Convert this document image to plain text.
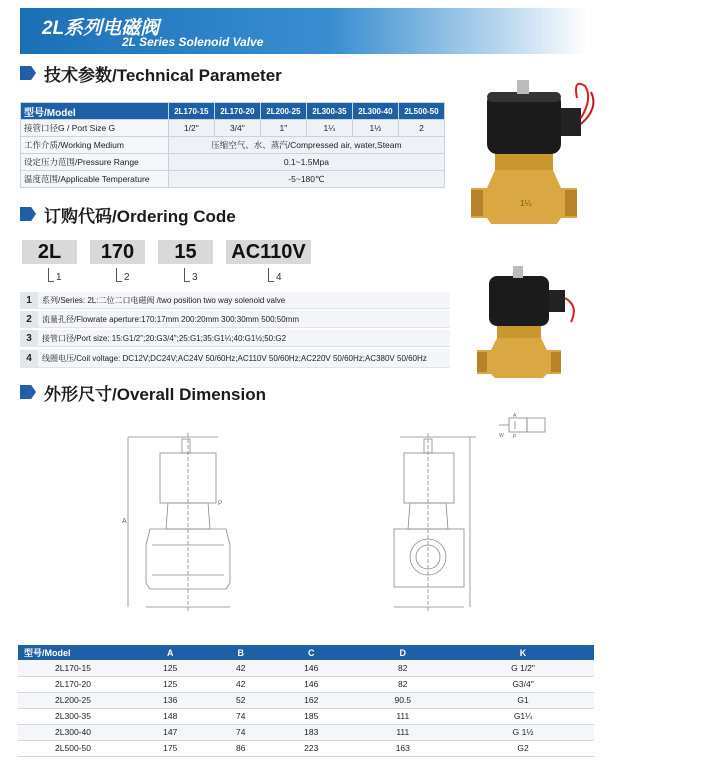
2L系列电磁阀
2L Series Solenoid Valve
技术参数/Technical Parameter
型号/Model	2L170-15	2L170-20	2L200-25	2L300-35	2L300-40	2L500-50
接管口径G / Port Size G	1/2"	3/4"	1"	1¼	1½	2
工作介质/Working Medium	压缩空气、水、蒸汽/Compressed air, water,Steam					
设定压力范围/Pressure Range	0.1~1.5Mpa					
温度范围/Applicable Temperature	-5~180℃					
1¼
订购代码/Ordering Code
2L	170	15	AC110V
1	2	3	4
1	系列/Series: 2L:二位二口电磁阀 /two position two way solenoid valve
2	流量孔径/Flowrate aperture:170:17mm 200:20mm 300:30mm 500:50mm
3	接管口径/Port size: 15:G1/2";20:G3/4";25:G1;35:G1¼;40:G1½;50:G2
4	线圈电压/Coil voltage: DC12V;DC24V;AC24V 50/60Hz;AC110V 50/60Hz;AC220V 50/60Hz;AC380V 50/60Hz
外形尺寸/Overall Dimension
A
P
A
W P
型号/Model	A	B	C	D	K
2L170-15	125	42	146	82	G 1/2"
2L170-20	125	42	146	82	G3/4"
2L200-25	136	52	162	90.5	G1
2L300-35	148	74	185	111	G1¼
2L300-40	147	74	183	111	G 1½
2L500-50	175	86	223	163	G2
